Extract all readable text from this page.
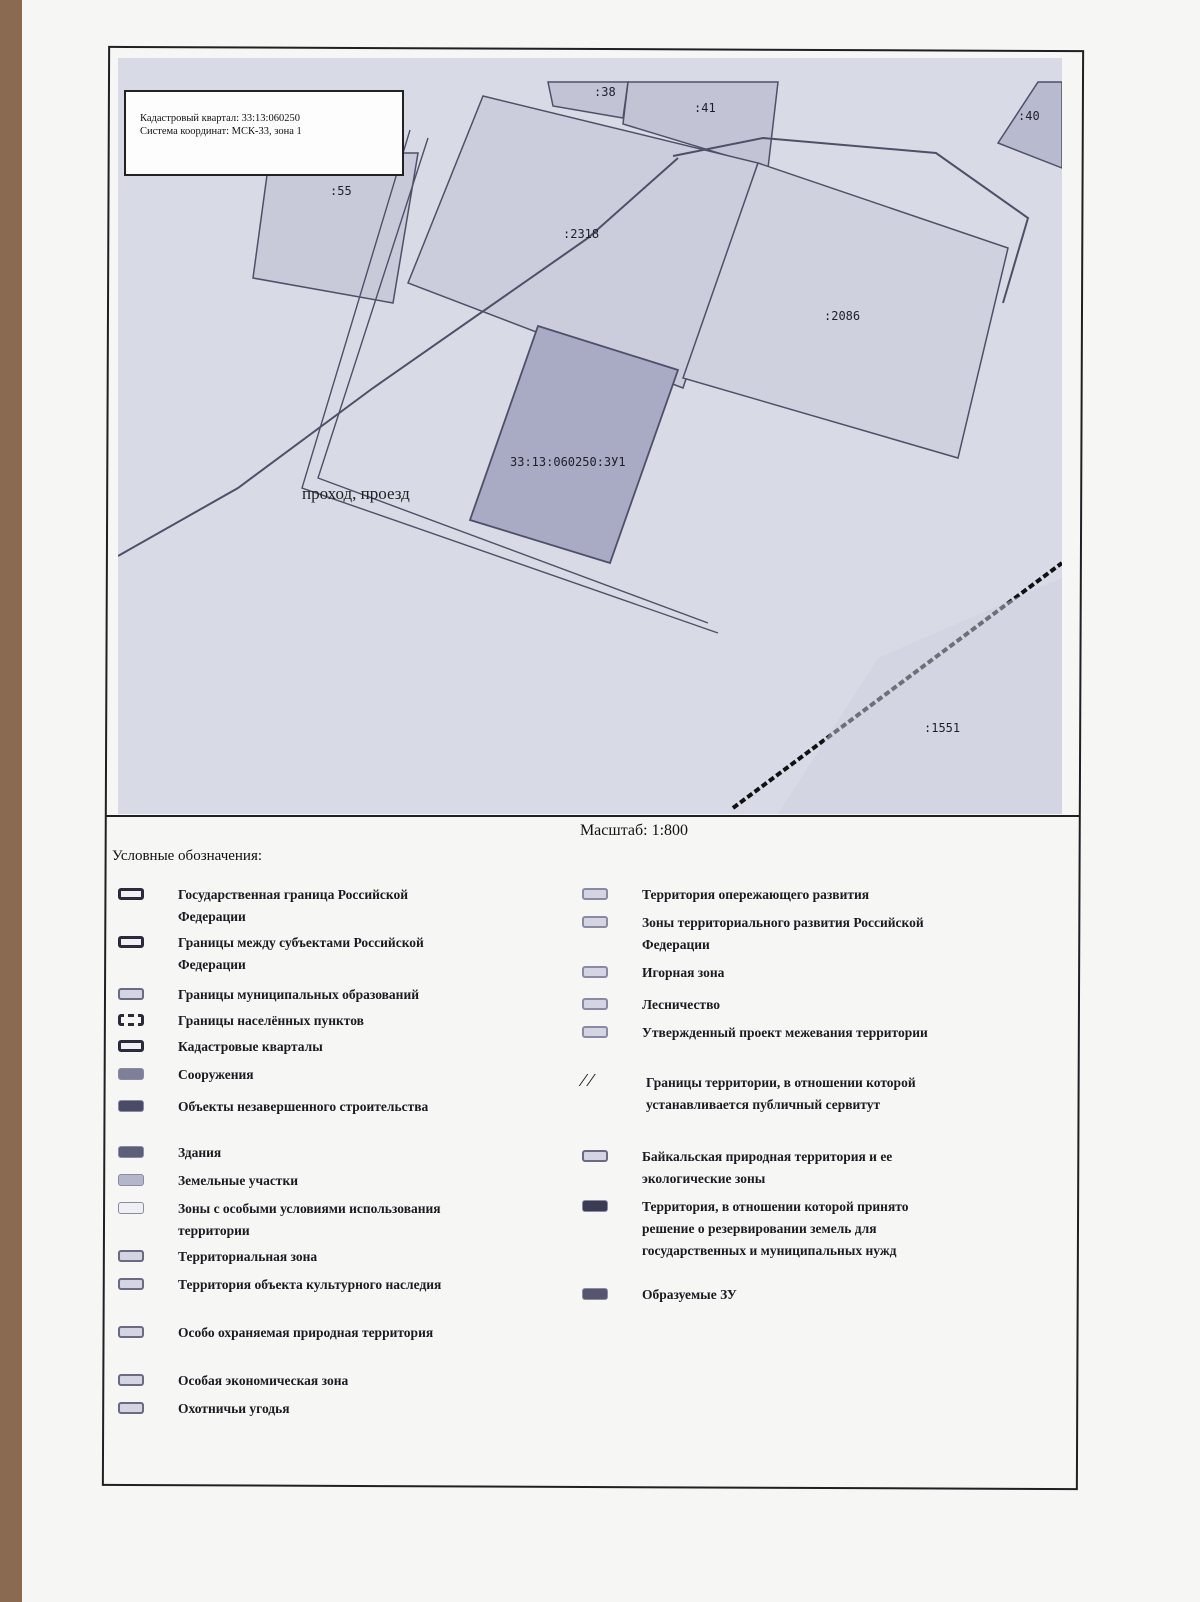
:38
:41
:40
:55
:2318
:2086
33:13:060250:ЗУ1
:1551
проход, проезд
Кадастровый квартал: 33:13:060250
Система координат: МСК-33, зона 1
Масштаб: 1:800
Условные обозначения:
Государственная граница Российской Федерации
Границы между субъектами Российской Федерации
Границы муниципальных образований
Границы населённых пунктов
Кадастровые кварталы
Сооружения
Объекты незавершенного строительства
Здания
Земельные участки
Зоны с особыми условиями использования территории
Территориальная зона
Территория объекта культурного наследия
Особо охраняемая природная территория
Особая экономическая зона
Охотничьи угодья
Территория опережающего развития
Зоны территориального развития Российской Федерации
Игорная зона
Лесничество
Утвержденный проект межевания территории
⁄ ⁄	Границы территории, в отношении которой устанавливается публичный сервитут
Байкальская природная территория и ее экологические зоны
Территория, в отношении которой принято решение о резервировании земель для государственных и муниципальных нужд
Образуемые ЗУ
